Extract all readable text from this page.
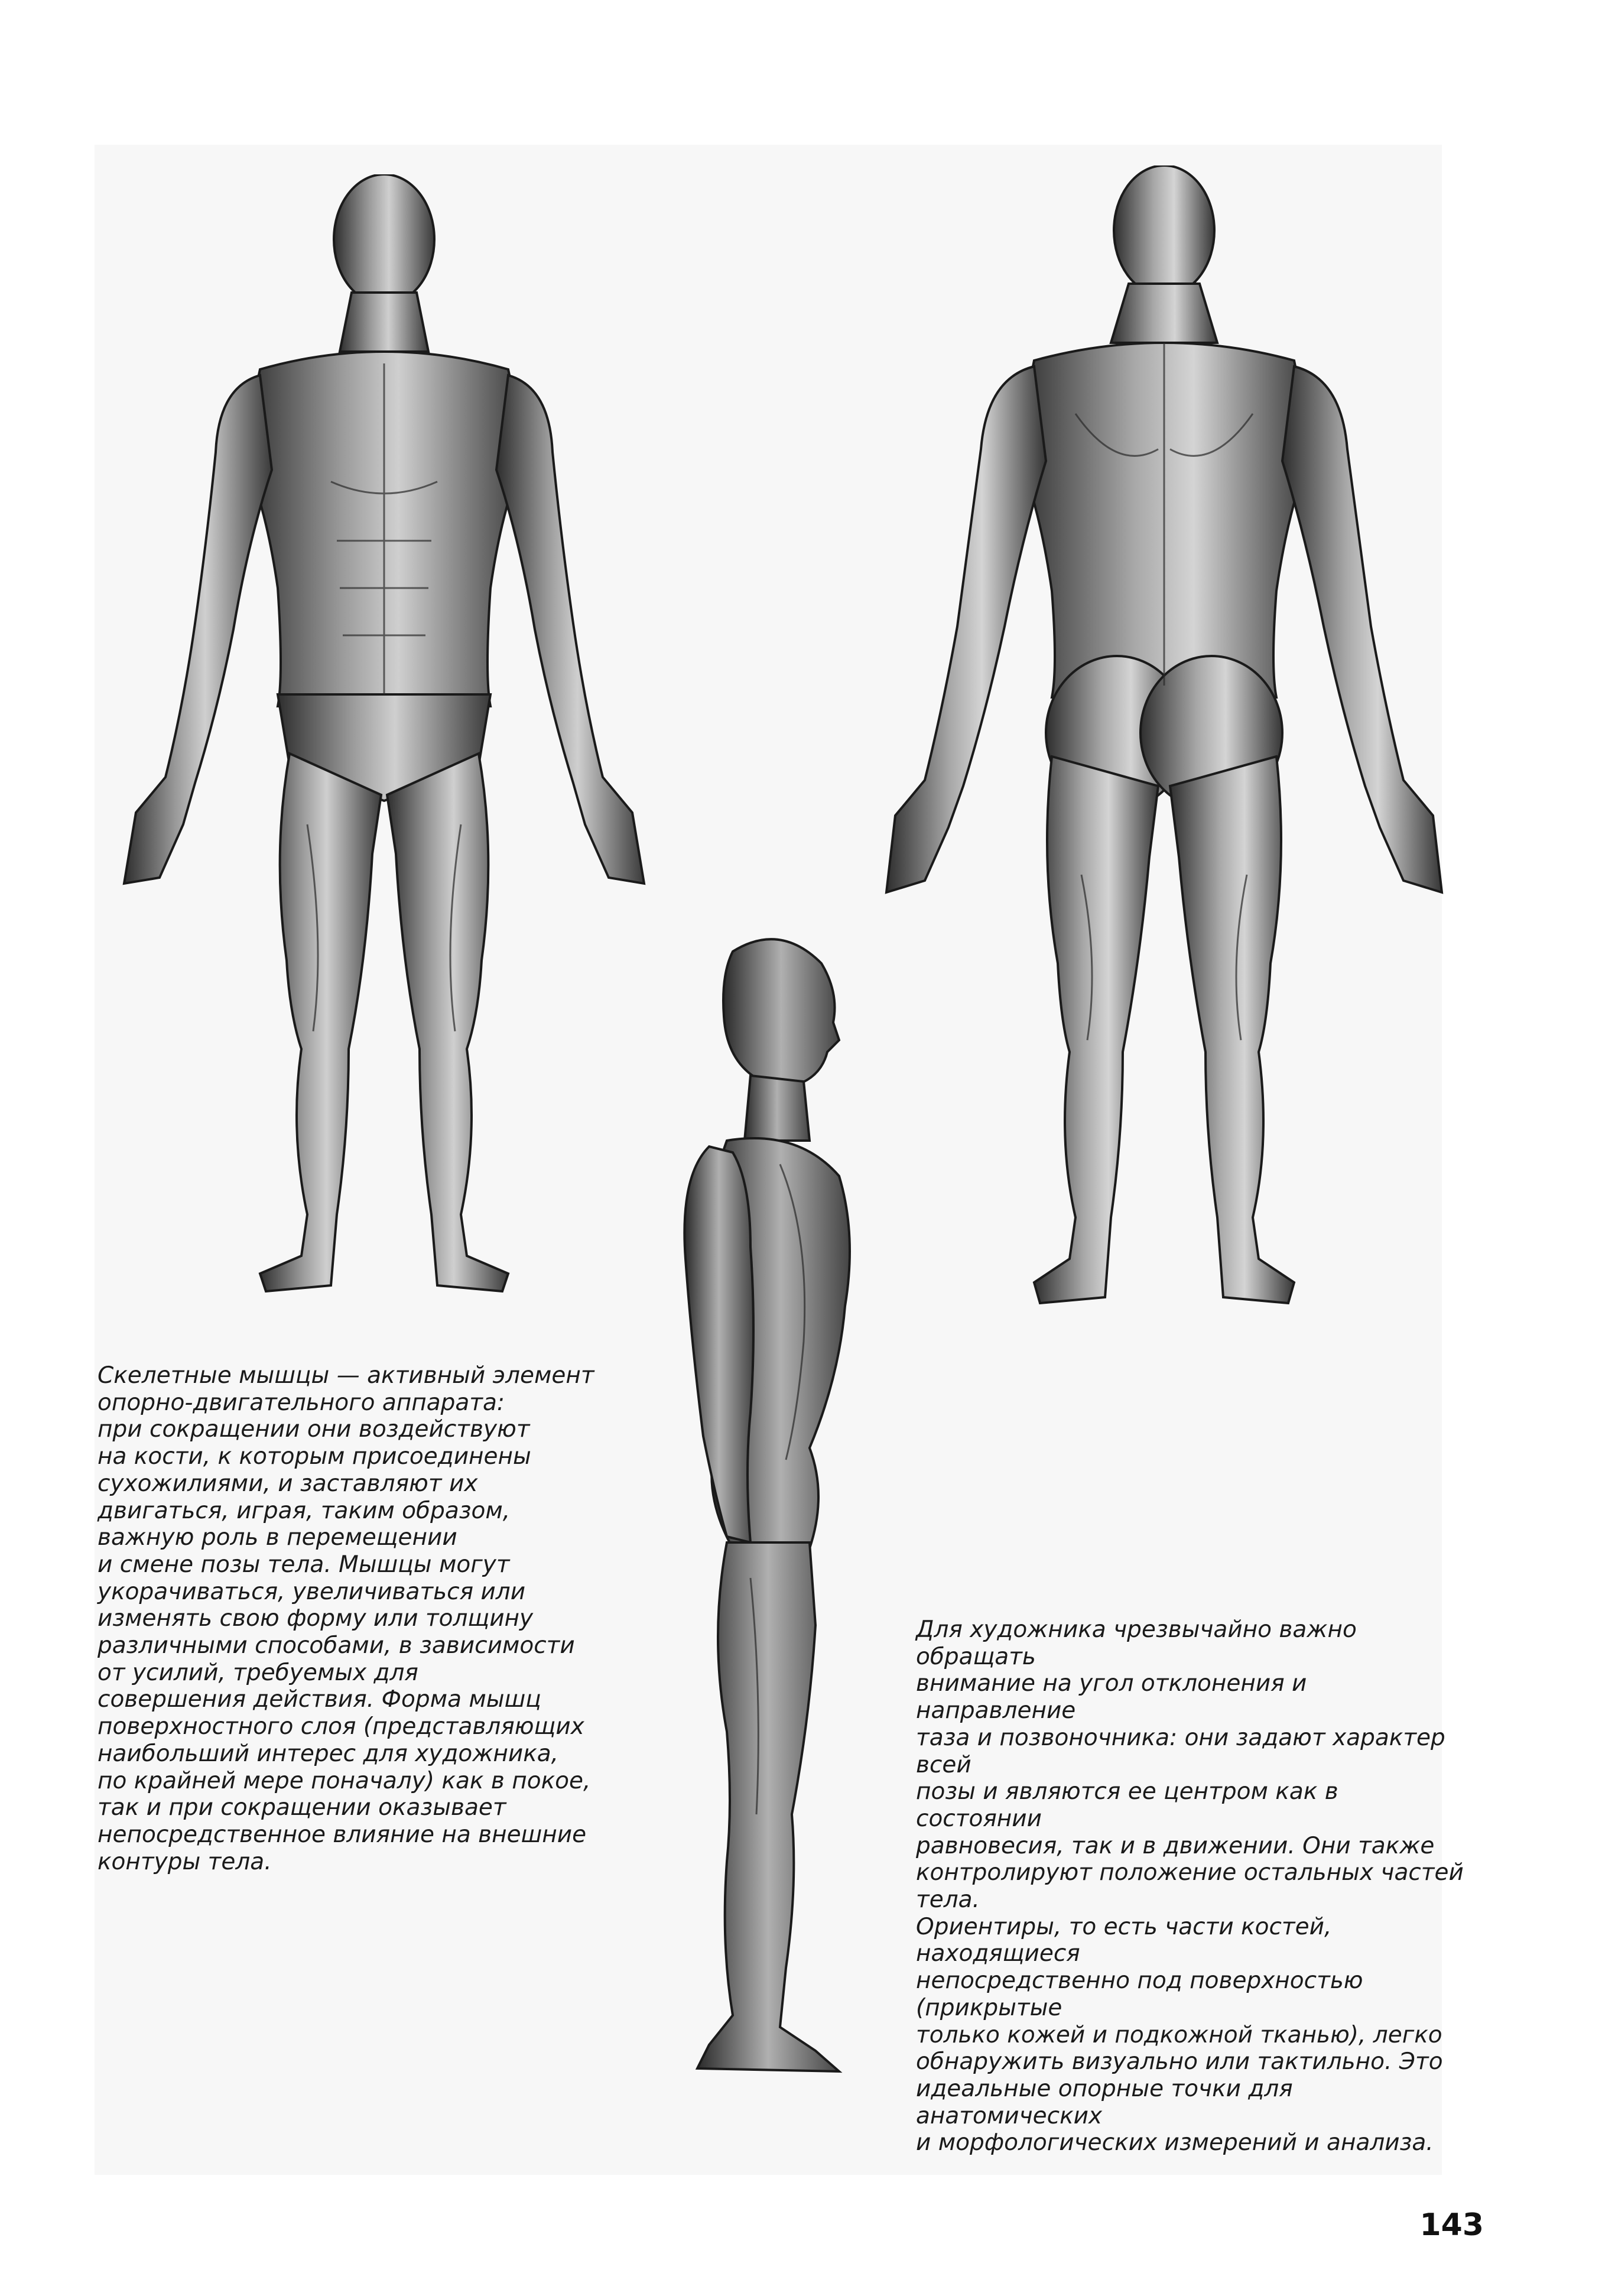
Скелетные мышцы — активный элемент
опорно-двигательного аппарата:
при сокращении они воздействуют
на кости, к которым присоединены
сухожилиями, и заставляют их
двигаться, играя, таким образом,
важную роль в перемещении
и смене позы тела. Мышцы могут
укорачиваться, увеличиваться или
изменять свою форму или толщину
различными способами, в зависимости
от усилий, требуемых для
совершения действия. Форма мышц
поверхностного слоя (представляющих
наибольший интерес для художника,
по крайней мере поначалу) как в покое,
так и при сокращении оказывает
непосредственное влияние на внешние
контуры тела.

Для художника чрезвычайно важно обращать
внимание на угол отклонения и направление
таза и позвоночника: они задают характер всей
позы и являются ее центром как в состоянии
равновесия, так и в движении. Они также
контролируют положение остальных частей тела.
Ориентиры, то есть части костей, находящиеся
непосредственно под поверхностью (прикрытые
только кожей и подкожной тканью), легко
обнаружить визуально или тактильно. Это
идеальные опорные точки для анатомических
и морфологических измерений и анализа.

143
